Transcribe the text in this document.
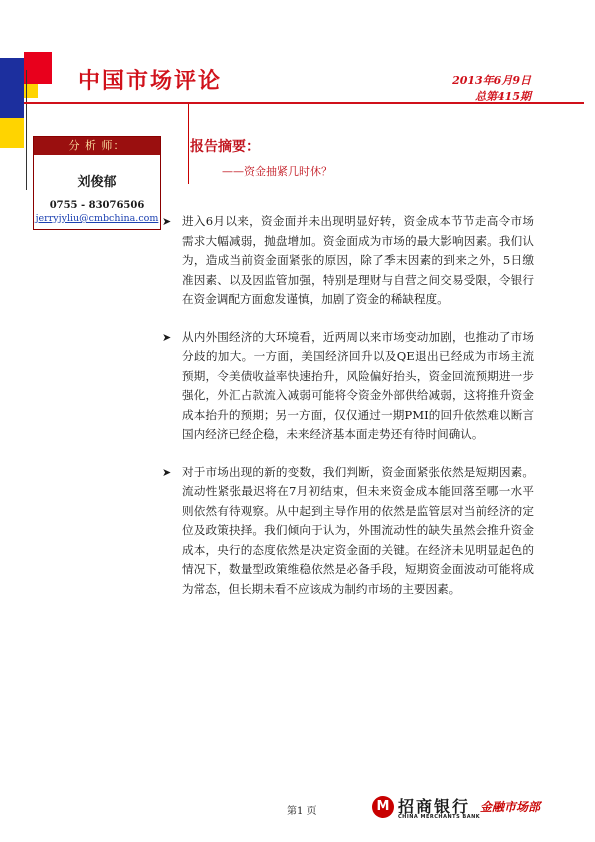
中国市场评论	2013年6月9日
总第415期
分 析 师：
刘俊郁
0755 - 83076506
jerryjyliu@cmbchina.com
报告摘要：
——资金抽紧几时休？
➤ 进入6月以来，资金面并未出现明显好转，资金成本节节走高令市场需求大幅减弱，抛盘增加。资金面成为市场的最大影响因素。我们认为，造成当前资金面紧张的原因，除了季末因素的到来之外，5日缴准因素、以及因监管加强，特别是理财与自营之间交易受限，令银行在资金调配方面愈发谨慎，加剧了资金的稀缺程度。
➤ 从内外围经济的大环境看，近两周以来市场变动加剧，也推动了市场分歧的加大。一方面，美国经济回升以及QE退出已经成为市场主流预期，令美债收益率快速抬升，风险偏好抬头，资金回流预期进一步强化，外汇占款流入减弱可能将令资金外部供给减弱，这将推升资金成本抬升的预期；另一方面，仅仅通过一期PMI的回升依然难以断言国内经济已经企稳，未来经济基本面走势还有待时间确认。
➤ 对于市场出现的新的变数，我们判断，资金面紧张依然是短期因素。流动性紧张最迟将在7月初结束，但未来资金成本能回落至哪一水平则依然有待观察。从中起到主导作用的依然是监管层对当前经济的定位及政策抉择。我们倾向于认为，外围流动性的缺失虽然会推升资金成本，央行的态度依然是决定资金面的关键。在经济未见明显起色的情况下，数量型政策维稳依然是必备手段，短期资金面波动可能将成为常态，但长期未看不应该成为制约市场的主要因素。
第1 页	M 招商银行
CHINA MERCHANTS BANK
金融市场部
